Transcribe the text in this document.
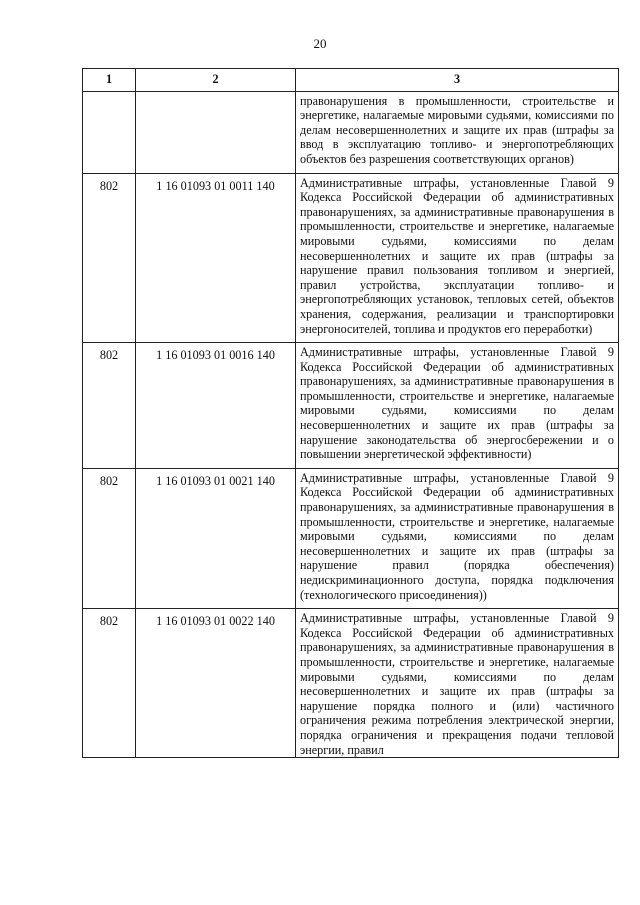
20
1	2	3
		правонарушения в промышленности, строительстве и энергетике, налагаемые мировыми судьями, комиссиями по делам несовершеннолетних и защите их прав (штрафы за ввод в эксплуатацию топливо- и энергопотребляющих объектов без разрешения соответствующих органов)
802	1 16 01093 01 0011 140	Административные штрафы, установленные Главой 9 Кодекса Российской Федерации об административных правонарушениях, за административные правонарушения в промышленности, строительстве и энергетике, налагаемые мировыми судьями, комиссиями по делам несовершеннолетних и защите их прав (штрафы за нарушение правил пользования топливом и энергией, правил устройства, эксплуатации топливо- и энергопотребляющих установок, тепловых сетей, объектов хранения, содержания, реализации и транспортировки энергоносителей, топлива и продуктов его переработки)
802	1 16 01093 01 0016 140	Административные штрафы, установленные Главой 9 Кодекса Российской Федерации об административных правонарушениях, за административные правонарушения в промышленности, строительстве и энергетике, налагаемые мировыми судьями, комиссиями по делам несовершеннолетних и защите их прав (штрафы за нарушение законодательства об энергосбережении и о повышении энергетической эффективности)
802	1 16 01093 01 0021 140	Административные штрафы, установленные Главой 9 Кодекса Российской Федерации об административных правонарушениях, за административные правонарушения в промышленности, строительстве и энергетике, налагаемые мировыми судьями, комиссиями по делам несовершеннолетних и защите их прав (штрафы за нарушение правил (порядка обеспечения) недискриминационного доступа, порядка подключения (технологического присоединения))
802	1 16 01093 01 0022 140	Административные штрафы, установленные Главой 9 Кодекса Российской Федерации об административных правонарушениях, за административные правонарушения в промышленности, строительстве и энергетике, налагаемые мировыми судьями, комиссиями по делам несовершеннолетних и защите их прав (штрафы за нарушение порядка полного и (или) частичного ограничения режима потребления электрической энергии, порядка ограничения и прекращения подачи тепловой энергии, правил
